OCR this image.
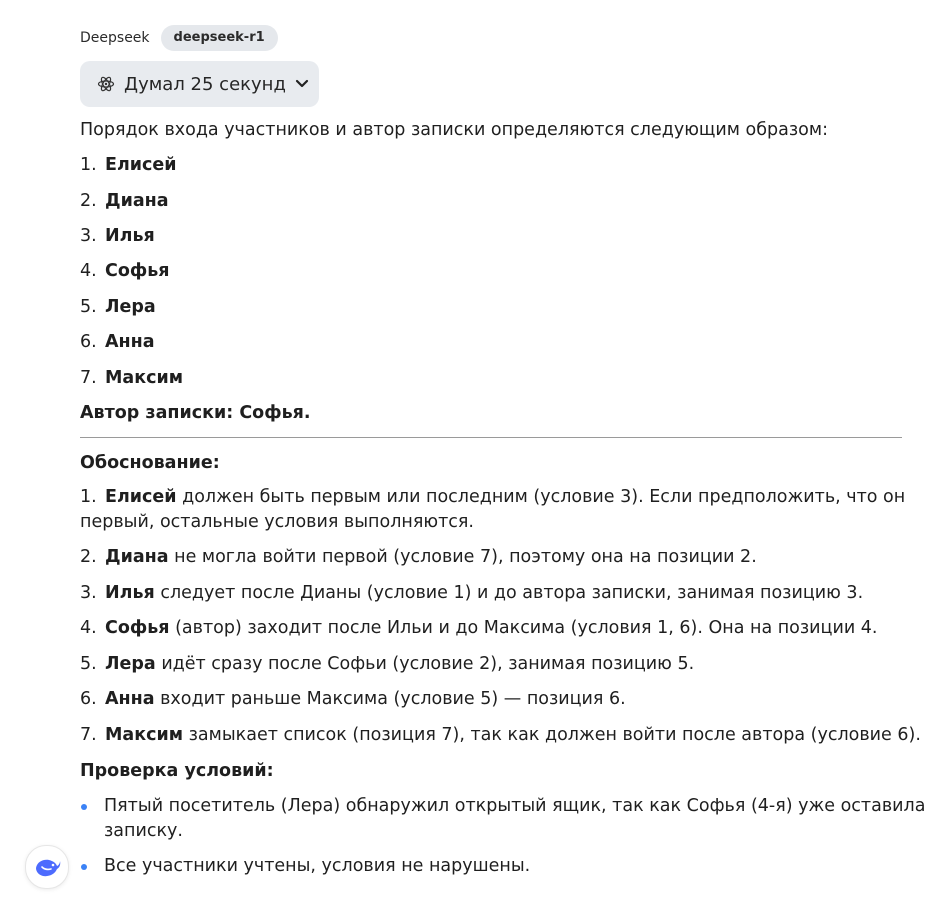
Deepseek	deepseek-r1
Думал 25 секунд
Порядок входа участников и автор записки определяются следующим образом:
1. Елисей
2. Диана
3. Илья
4. Софья
5. Лера
6. Анна
7. Максим
Автор записки: Софья.
Обоснование:
1. Елисей должен быть первым или последним (условие 3). Если предположить, что он
первый, остальные условия выполняются.
2. Диана не могла войти первой (условие 7), поэтому она на позиции 2.
3. Илья следует после Дианы (условие 1) и до автора записки, занимая позицию 3.
4. Софья (автор) заходит после Ильи и до Максима (условия 1, 6). Она на позиции 4.
5. Лера идёт сразу после Софьи (условие 2), занимая позицию 5.
6. Анна входит раньше Максима (условие 5) — позиция 6.
7. Максим замыкает список (позиция 7), так как должен войти после автора (условие 6).
Проверка условий:
Пятый посетитель (Лера) обнаружил открытый ящик, так как Софья (4-я) уже оставила
записку.
Все участники учтены, условия не нарушены.
